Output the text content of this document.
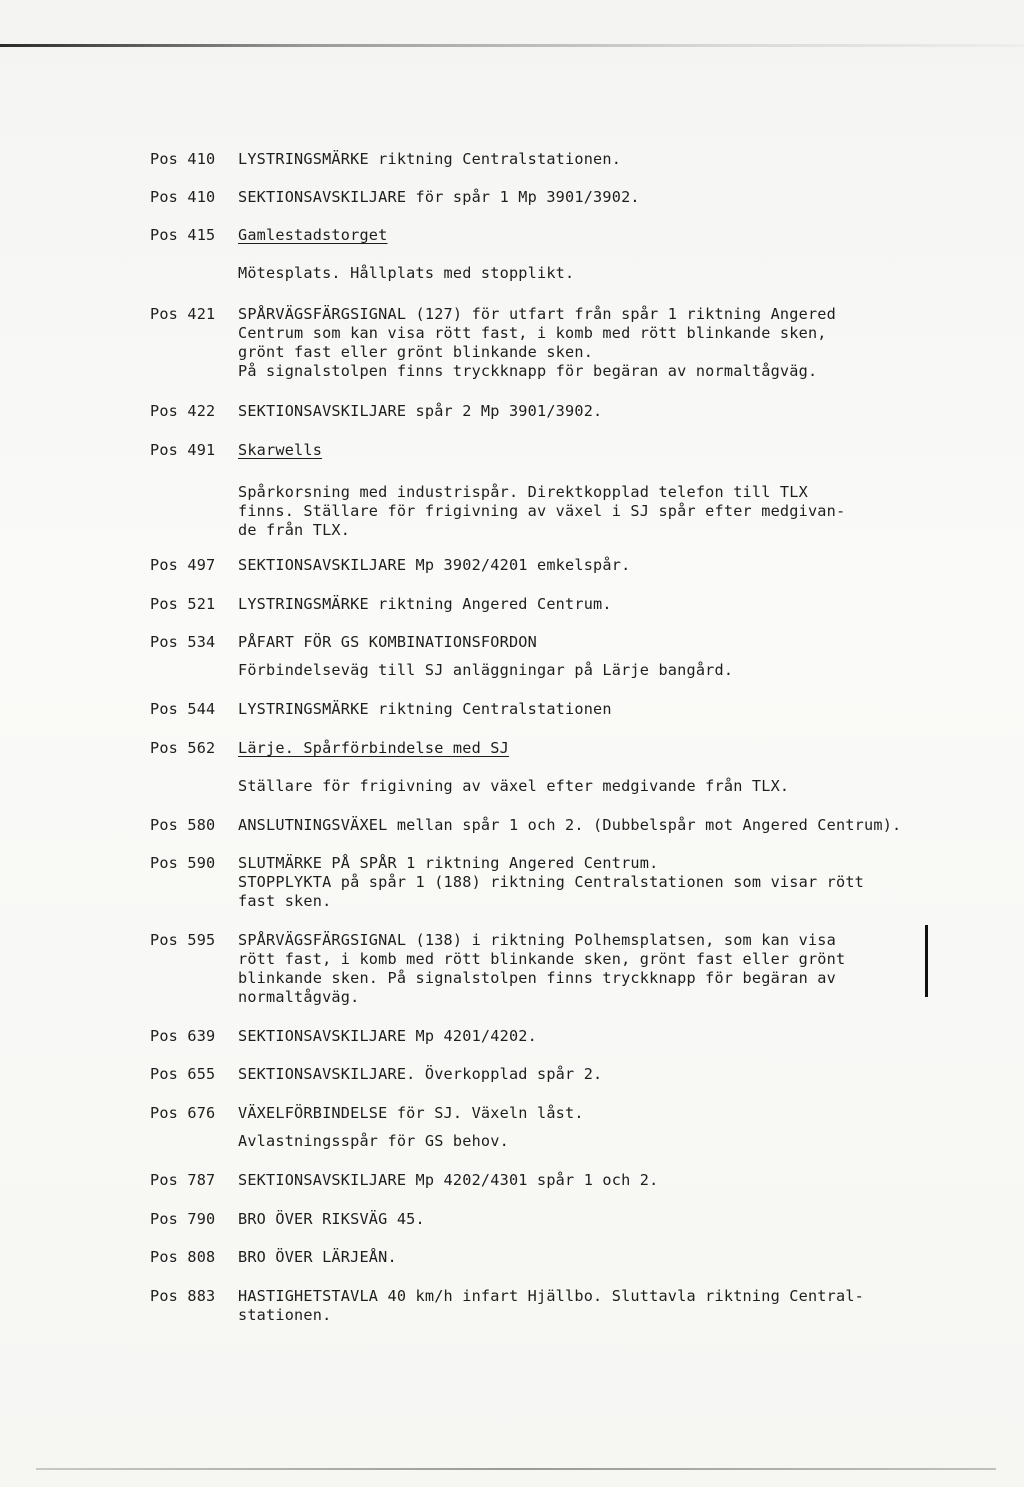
Pos 410	LYSTRINGSMÄRKE riktning Centralstationen.
Pos 410	SEKTIONSAVSKILJARE för spår 1 Mp 3901/3902.
Pos 415	Gamlestadstorget
Mötesplats. Hållplats med stopplikt.
Pos 421	SPÅRVÄGSFÄRGSIGNAL (127) för utfart från spår 1 riktning Angered
Centrum som kan visa rött fast, i komb med rött blinkande sken,
grönt fast eller grönt blinkande sken.
På signalstolpen finns tryckknapp för begäran av normaltågväg.
Pos 422	SEKTIONSAVSKILJARE spår 2 Mp 3901/3902.
Pos 491	Skarwells
Spårkorsning med industrispår. Direktkopplad telefon till TLX
finns. Ställare för frigivning av växel i SJ spår efter medgivan-
de från TLX.
Pos 497	SEKTIONSAVSKILJARE Mp 3902/4201 emkelspår.
Pos 521	LYSTRINGSMÄRKE riktning Angered Centrum.
Pos 534	PÅFART FÖR GS KOMBINATIONSFORDON
Förbindelseväg till SJ anläggningar på Lärje bangård.
Pos 544	LYSTRINGSMÄRKE riktning Centralstationen
Pos 562	Lärje. Spårförbindelse med SJ
Ställare för frigivning av växel efter medgivande från TLX.
Pos 580	ANSLUTNINGSVÄXEL mellan spår 1 och 2. (Dubbelspår mot Angered Centrum).
Pos 590	SLUTMÄRKE PÅ SPÅR 1 riktning Angered Centrum.
STOPPLYKTA på spår 1 (188) riktning Centralstationen som visar rött
fast sken.
Pos 595	SPÅRVÄGSFÄRGSIGNAL (138) i riktning Polhemsplatsen, som kan visa
rött fast, i komb med rött blinkande sken, grönt fast eller grönt
blinkande sken. På signalstolpen finns tryckknapp för begäran av
normaltågväg.
Pos 639	SEKTIONSAVSKILJARE Mp 4201/4202.
Pos 655	SEKTIONSAVSKILJARE. Överkopplad spår 2.
Pos 676	VÄXELFÖRBINDELSE för SJ. Växeln låst.
Avlastningsspår för GS behov.
Pos 787	SEKTIONSAVSKILJARE Mp 4202/4301 spår 1 och 2.
Pos 790	BRO ÖVER RIKSVÄG 45.
Pos 808	BRO ÖVER LÄRJEÅN.
Pos 883	HASTIGHETSTAVLA 40 km/h infart Hjällbo. Sluttavla riktning Central-
stationen.
